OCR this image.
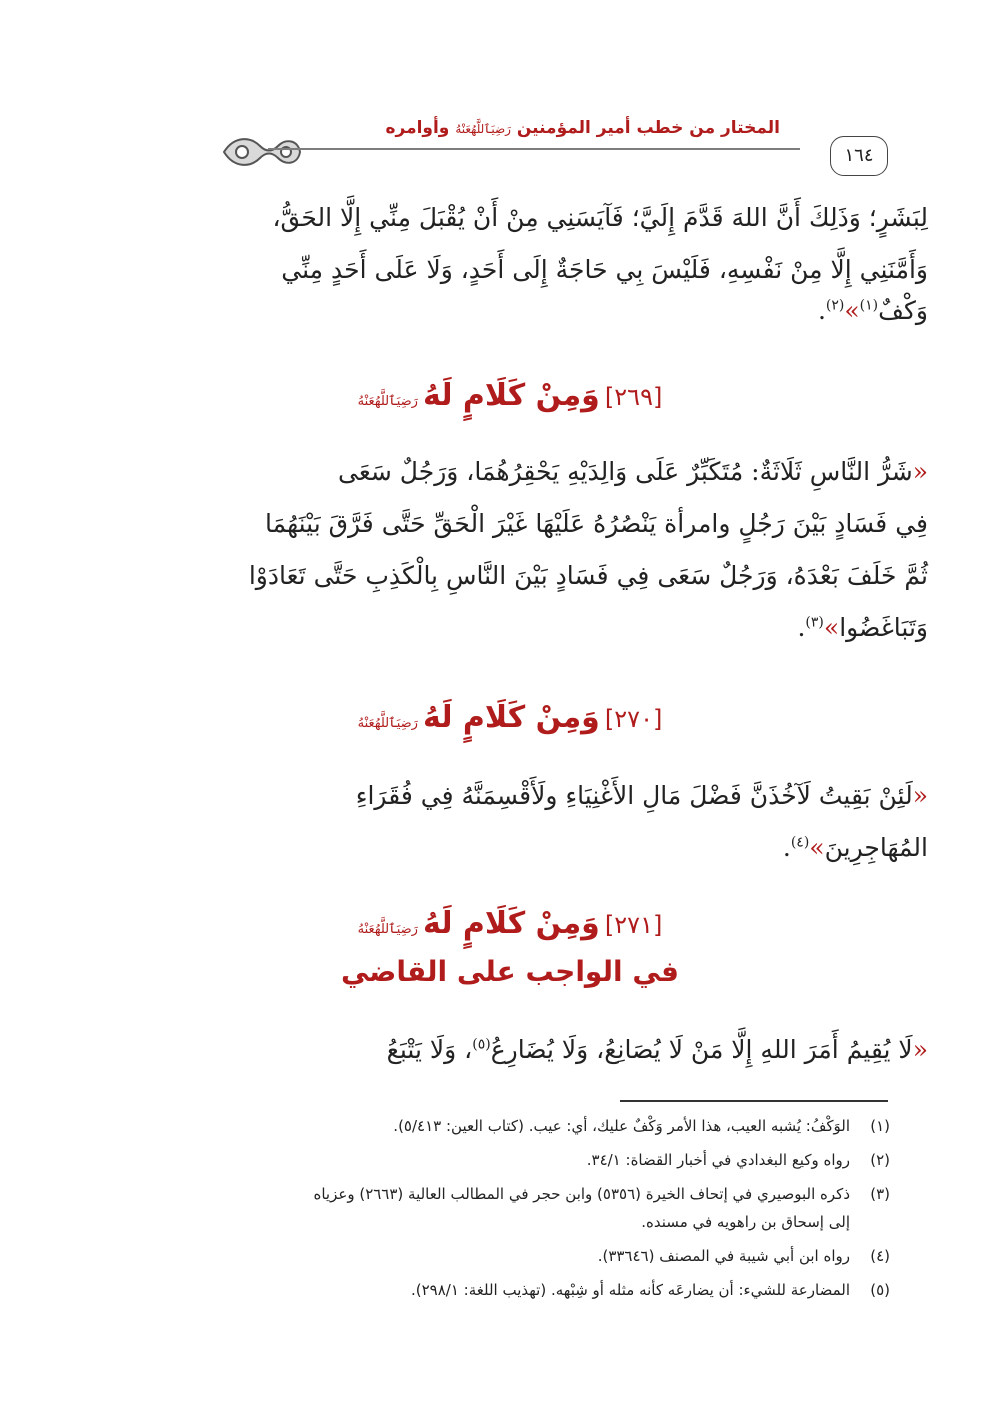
المختار من خطب أمير المؤمنين رَضِيَٱللَّهُعَنْهُ وأوامره
١٦٤

لِبَشَرٍ؛ وَذَلِكَ أَنَّ اللهَ قَدَّمَ إِلَيَّ؛ فَآيَسَنِي مِنْ أَنْ يُقْبَلَ مِنِّي إِلَّا الحَقُّ،

وَأَمَّنَنِي إِلَّا مِنْ نَفْسِهِ، فَلَيْسَ بِي حَاجَةٌ إِلَى أَحَدٍ، وَلَا عَلَى أَحَدٍ مِنِّي

وَكْفٌ$^{(١)}$»$^{(٢)}$.

[٢٦٩] وَمِنْ كَلَامٍ لَهُ رَضِيَٱللَّهُعَنْهُ

«شَرُّ النَّاسِ ثَلَاثَةٌ: مُتَكَبِّرٌ عَلَى وَالِدَيْهِ يَحْقِرُهُمَا، وَرَجُلٌ سَعَى

فِي فَسَادٍ بَيْنَ رَجُلٍ وامرأة يَنْصُرُهُ عَلَيْهَا غَيْرَ الْحَقِّ حَتَّى فَرَّقَ بَيْنَهُمَا

ثُمَّ خَلَفَ بَعْدَهُ، وَرَجُلٌ سَعَى فِي فَسَادٍ بَيْنَ النَّاسِ بِالْكَذِبِ حَتَّى تَعَادَوْا

وَتَبَاغَضُوا»$^{(٣)}$.

[٢٧٠] وَمِنْ كَلَامٍ لَهُ رَضِيَٱللَّهُعَنْهُ

«لَئِنْ بَقِيتُ لَآخُذَنَّ فَضْلَ مَالِ الأَغْنِيَاءِ ولَأَقْسِمَنَّهُ فِي فُقَرَاءِ

المُهَاجِرِينَ»$^{(٤)}$.

[٢٧١] وَمِنْ كَلَامٍ لَهُ رَضِيَٱللَّهُعَنْهُ

في الواجب على القاضي

«لَا يُقِيمُ أَمَرَ اللهِ إِلَّا مَنْ لَا يُصَانِعُ، وَلَا يُضَارِعُ$^{(٥)}$، وَلَا يَتْبَعُ

(١)الوَكْفُ: يُشبه العيب، هذا الأمر وَكْفٌ عليك، أي: عيب. (كتاب العين: ٥/٤١٣).

(٢)رواه وكيع البغدادي في أخبار القضاة: ٣٤/١.

(٣)ذكره البوصيري في إتحاف الخيرة (٥٣٥٦) وابن حجر في المطالب العالية (٢٦٦٣) وعزياه
إلى إسحاق بن راهويه في مسنده.

(٤)رواه ابن أبي شيبة في المصنف (٣٣٦٤٦).

(٥)المضارعة للشيء: أن يضارعَه كأنه مثله أو شِبْهه. (تهذيب اللغة: ٢٩٨/١).
